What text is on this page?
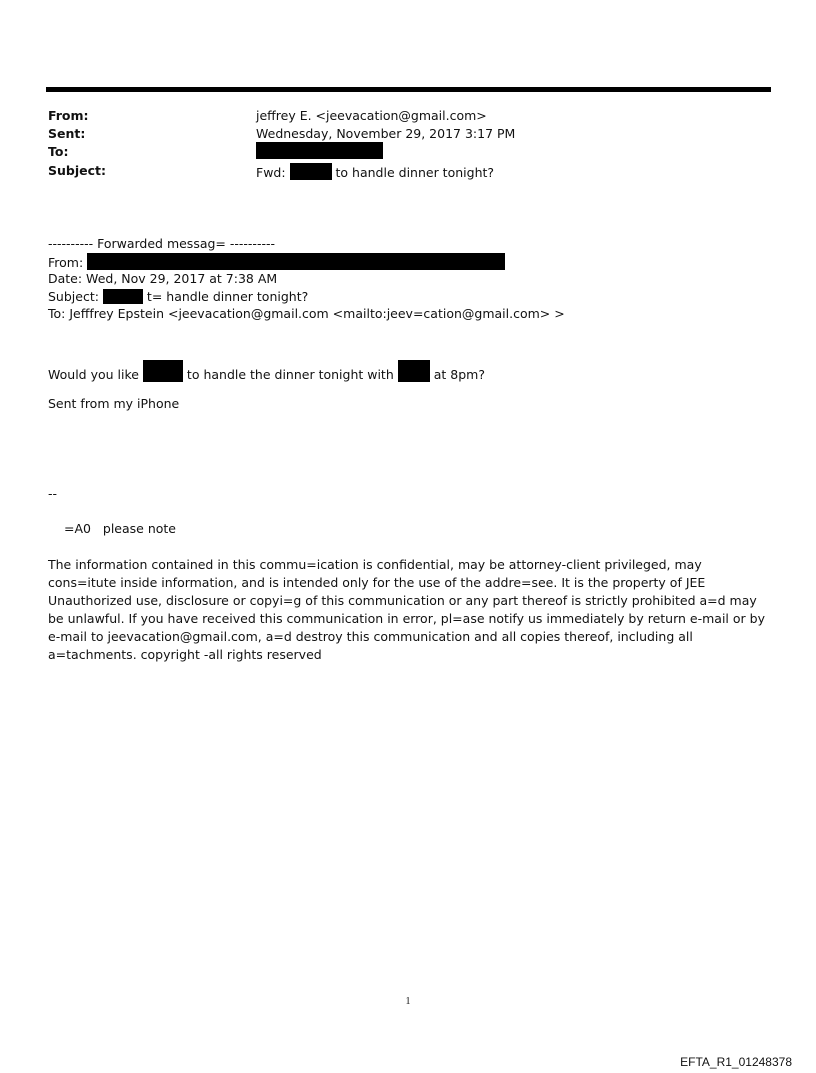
From:	jeffrey E. <jeevacation@gmail.com>
Sent:	Wednesday, November 29, 2017 3:17 PM
To:
Subject:	Fwd:	to handle dinner tonight?
---------- Forwarded messag= ----------
From:
Date: Wed, Nov 29, 2017 at 7:38 AM
Subject:	t= handle dinner tonight?
To: Jefffrey Epstein <jeevacation@gmail.com <mailto:jeev=cation@gmail.com> >
Would you like	to handle the dinner tonight with	at 8pm?
Sent from my iPhone
--
=A0   please note
The information contained in this commu=ication is confidential, may be attorney-client privileged, may cons=itute inside information, and is intended only for the use of the addre=see. It is the property of JEE Unauthorized use, disclosure or copyi=g of this communication or any part thereof is strictly prohibited a=d may be unlawful. If you have received this communication in error, pl=ase notify us immediately by return e-mail or by e-mail to jeevacation@gmail.com, a=d destroy this communication and all copies thereof, including all a=tachments. copyright -all rights reserved
1
EFTA_R1_01248378
